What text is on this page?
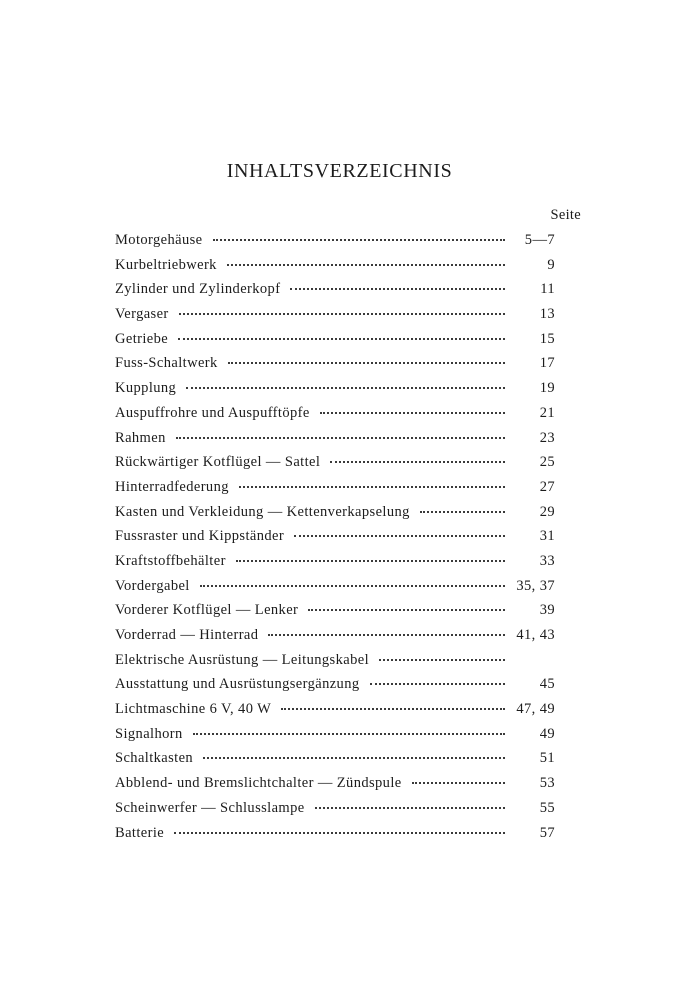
INHALTSVERZEICHNIS
Seite
Motorgehäuse	5—7
Kurbeltriebwerk	9
Zylinder und Zylinderkopf	11
Vergaser	13
Getriebe	15
Fuss-Schaltwerk	17
Kupplung	19
Auspuffrohre und Auspufftöpfe	21
Rahmen	23
Rückwärtiger Kotflügel — Sattel	25
Hinterradfederung	27
Kasten und Verkleidung — Kettenverkapselung	29
Fussraster und Kippständer	31
Kraftstoffbehälter	33
Vordergabel	35, 37
Vorderer Kotflügel — Lenker	39
Vorderrad — Hinterrad	41, 43
Elektrische Ausrüstung — Leitungskabel
Ausstattung und Ausrüstungsergänzung	45
Lichtmaschine 6 V, 40 W	47, 49
Signalhorn	49
Schaltkasten	51
Abblend- und Bremslichtchalter — Zündspule	53
Scheinwerfer — Schlusslampe	55
Batterie	57
